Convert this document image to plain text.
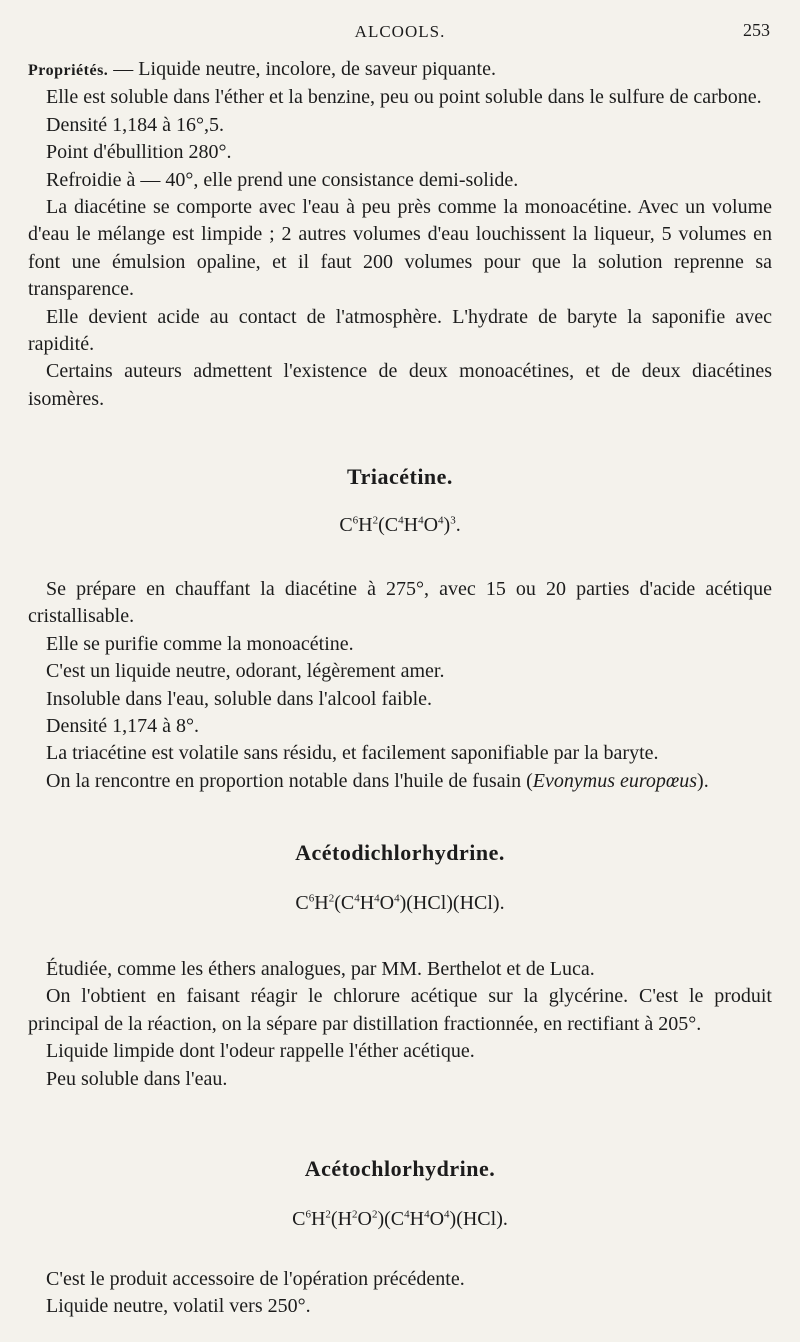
ALCOOLS.	253

Propriétés. — Liquide neutre, incolore, de saveur piquante.

Elle est soluble dans l'éther et la benzine, peu ou point soluble dans le sulfure de carbone.

Densité 1,184 à 16°,5.

Point d'ébullition 280°.

Refroidie à — 40°, elle prend une consistance demi-solide.

La diacétine se comporte avec l'eau à peu près comme la monoacétine. Avec un volume d'eau le mélange est limpide ; 2 autres volumes d'eau louchissent la liqueur, 5 volumes en font une émulsion opaline, et il faut 200 volumes pour que la solution reprenne sa transparence.

Elle devient acide au contact de l'atmosphère. L'hydrate de baryte la saponifie avec rapidité.

Certains auteurs admettent l'existence de deux monoacétines, et de deux diacétines isomères.

Triacétine.
$C^6H^2(C^4H^4O^4)^3$.

Se prépare en chauffant la diacétine à 275°, avec 15 ou 20 parties d'acide acétique cristallisable.

Elle se purifie comme la monoacétine.

C'est un liquide neutre, odorant, légèrement amer.

Insoluble dans l'eau, soluble dans l'alcool faible.

Densité 1,174 à 8°.

La triacétine est volatile sans résidu, et facilement saponifiable par la baryte.

On la rencontre en proportion notable dans l'huile de fusain (Evonymus europœus).

Acétodichlorhydrine.
$C^6H^2(C^4H^4O^4)(HCl)(HCl)$.

Étudiée, comme les éthers analogues, par MM. Berthelot et de Luca.

On l'obtient en faisant réagir le chlorure acétique sur la glycérine. C'est le produit principal de la réaction, on la sépare par distillation fractionnée, en rectifiant à 205°.

Liquide limpide dont l'odeur rappelle l'éther acétique.

Peu soluble dans l'eau.

Acétochlorhydrine.
$C^6H^2(H^2O^2)(C^4H^4O^4)(HCl)$.

C'est le produit accessoire de l'opération précédente.

Liquide neutre, volatil vers 250°.
